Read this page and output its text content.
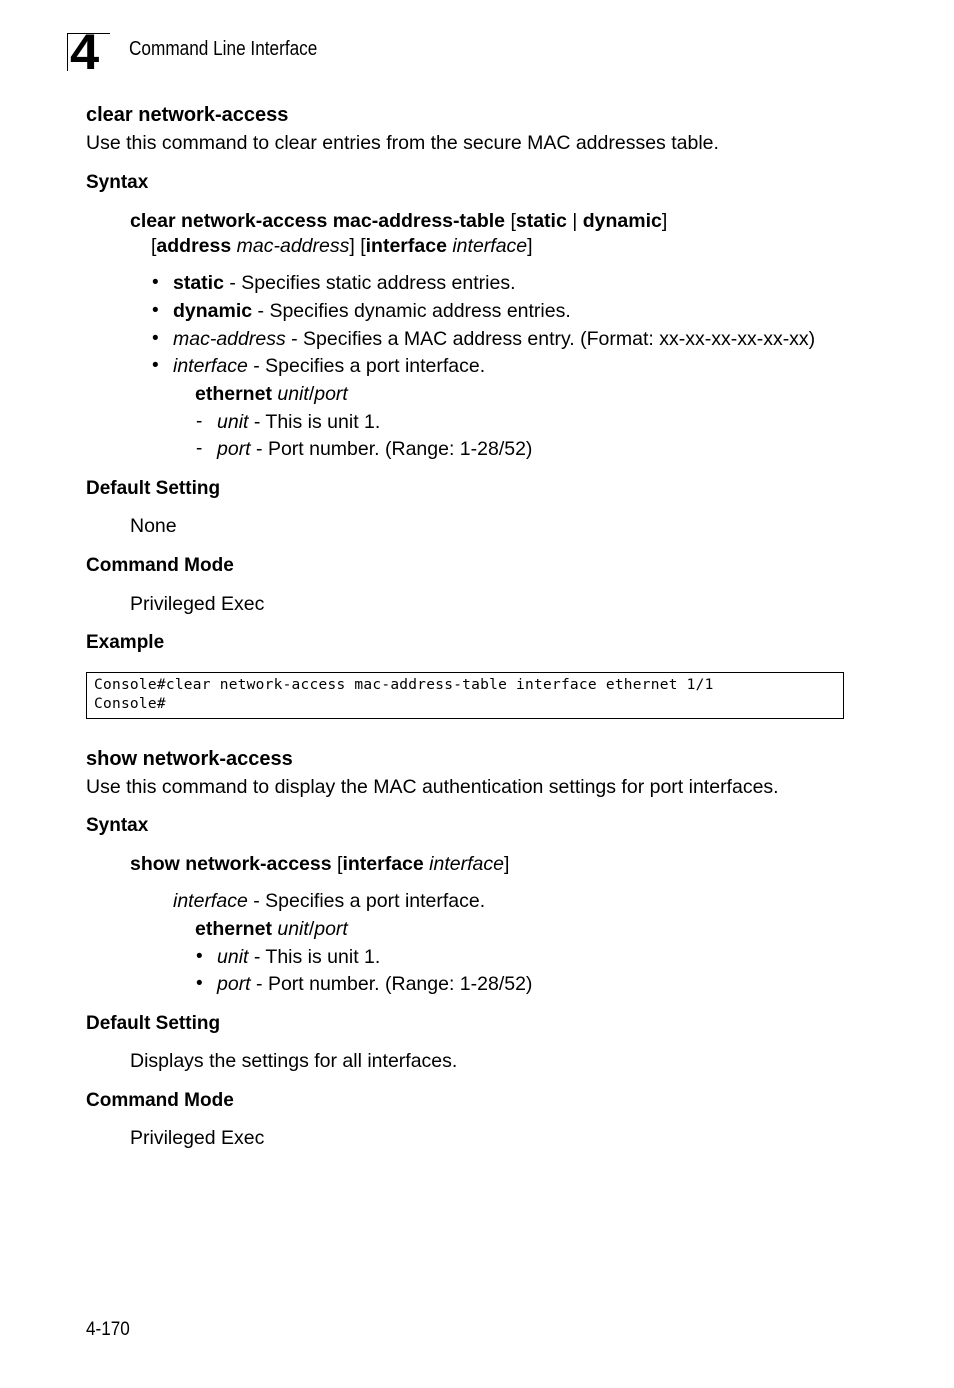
4 Command Line Interface
clear network-access
Use this command to clear entries from the secure MAC addresses table.
Syntax
clear network-access mac-address-table [static | dynamic]
[address mac-address] [interface interface]
• static - Specifies static address entries.
• dynamic - Specifies dynamic address entries.
• mac-address - Specifies a MAC address entry. (Format: xx-xx-xx-xx-xx-xx)
• interface - Specifies a port interface.
ethernet unit/port
- unit - This is unit 1.
- port - Port number. (Range: 1-28/52)
Default Setting
None
Command Mode
Privileged Exec
Example
Console#clear network-access mac-address-table interface ethernet 1/1
Console#
show network-access
Use this command to display the MAC authentication settings for port interfaces.
Syntax
show network-access [interface interface]
interface - Specifies a port interface.
ethernet unit/port
• unit - This is unit 1.
• port - Port number. (Range: 1-28/52)
Default Setting
Displays the settings for all interfaces.
Command Mode
Privileged Exec
4-170
